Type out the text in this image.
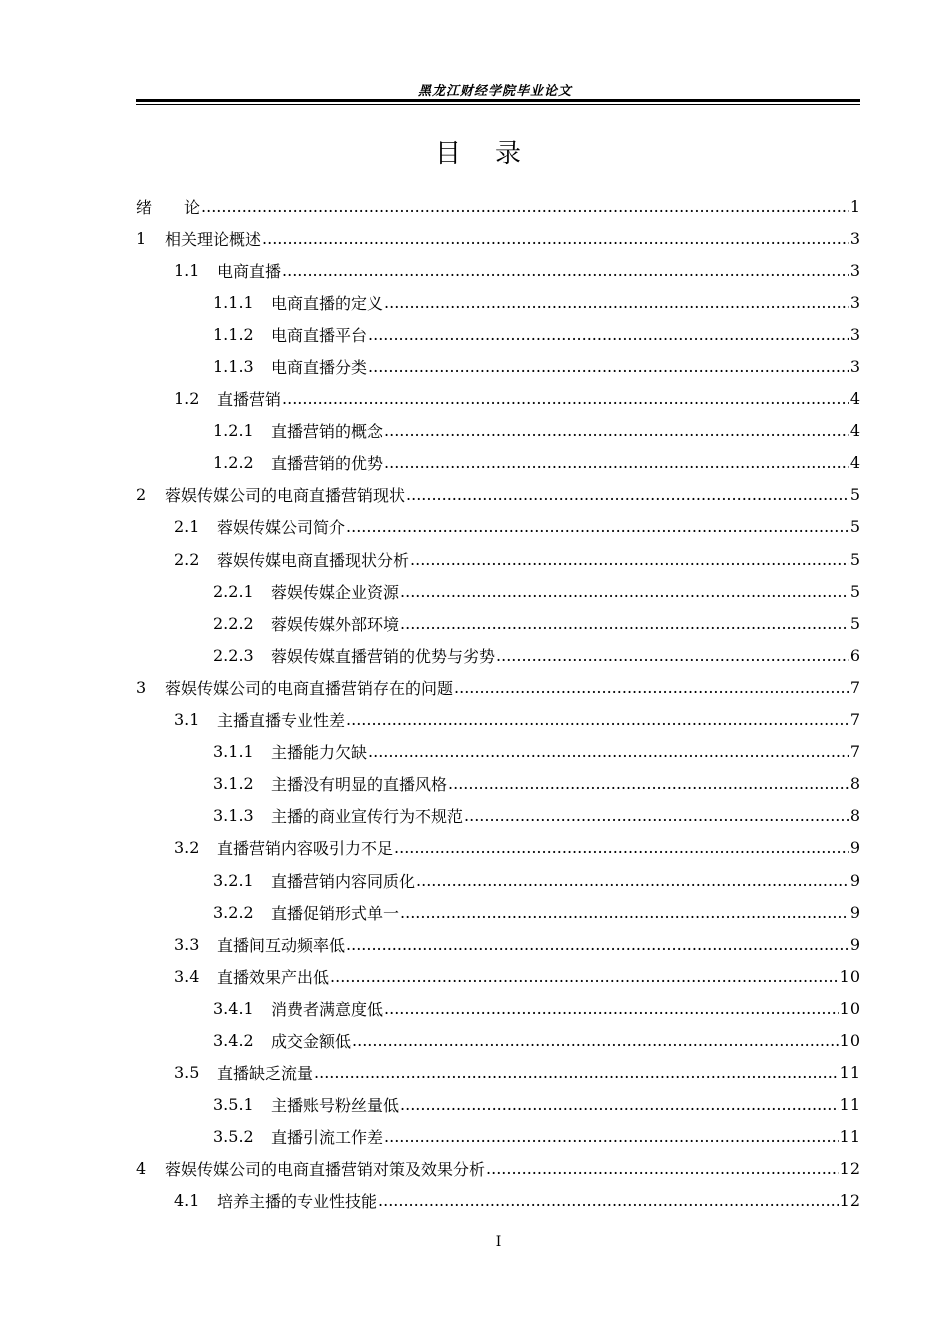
黑龙江财经学院毕业论文
目录
绪　　论 .....	1
1	相关理论概述 .....	3
1.1	电商直播 .....	3
1.1.1	电商直播的定义 .....	3
1.1.2	电商直播平台 .....	3
1.1.3	电商直播分类 .....	3
1.2	直播营销 .....	4
1.2.1	直播营销的概念 .....	4
1.2.2	直播营销的优势 .....	4
2	蓉娱传媒公司的电商直播营销现状 .....	5
2.1	蓉娱传媒公司简介 .....	5
2.2	蓉娱传媒电商直播现状分析 .....	5
2.2.1	蓉娱传媒企业资源 .....	5
2.2.2	蓉娱传媒外部环境 .....	5
2.2.3	蓉娱传媒直播营销的优势与劣势 .....	6
3	蓉娱传媒公司的电商直播营销存在的问题 .....	7
3.1	主播直播专业性差 .....	7
3.1.1	主播能力欠缺 .....	7
3.1.2	主播没有明显的直播风格 .....	8
3.1.3	主播的商业宣传行为不规范 .....	8
3.2	直播营销内容吸引力不足 .....	9
3.2.1	直播营销内容同质化 .....	9
3.2.2	直播促销形式单一 .....	9
3.3	直播间互动频率低 .....	9
3.4	直播效果产出低 .....	10
3.4.1	消费者满意度低 .....	10
3.4.2	成交金额低 .....	10
3.5	直播缺乏流量 .....	11
3.5.1	主播账号粉丝量低 .....	11
3.5.2	直播引流工作差 .....	11
4	蓉娱传媒公司的电商直播营销对策及效果分析 .....	12
4.1	培养主播的专业性技能 .....	12
I
